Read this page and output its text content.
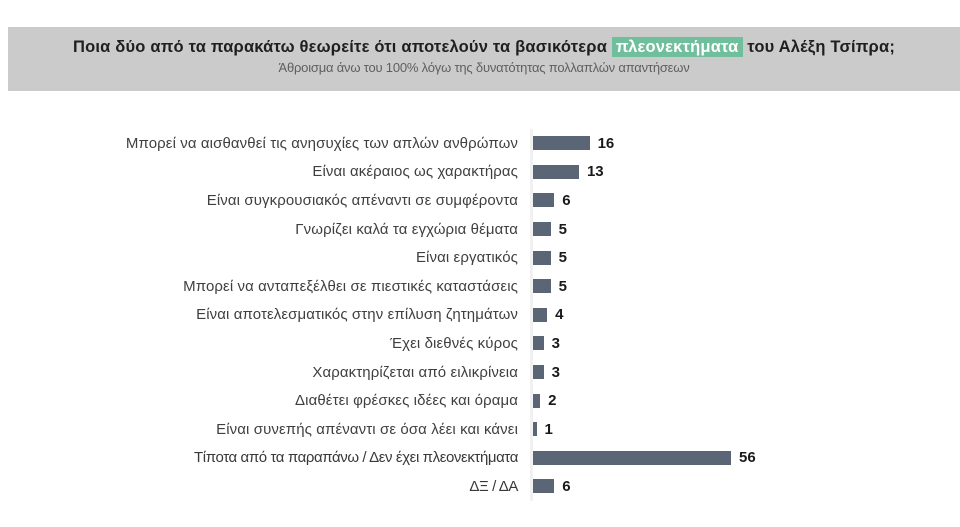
Ποια δύο από τα παρακάτω θεωρείτε ότι αποτελούν τα βασικότερα πλεονεκτήματα του Αλέξη Τσίπρα;
Άθροισμα άνω του 100% λόγω της δυνατότητας πολλαπλών απαντήσεων
Μπορεί να αισθανθεί τις ανησυχίες των απλών ανθρώπων	16
Είναι ακέραιος ως χαρακτήρας	13
Είναι συγκρουσιακός απέναντι σε συμφέροντα	6
Γνωρίζει καλά τα εγχώρια θέματα	5
Είναι εργατικός	5
Μπορεί να ανταπεξέλθει σε πιεστικές καταστάσεις	5
Είναι αποτελεσματικός στην επίλυση ζητημάτων	4
Έχει διεθνές κύρος	3
Χαρακτηρίζεται από ειλικρίνεια	3
Διαθέτει φρέσκες ιδέες και όραμα	2
Είναι συνεπής απέναντι σε όσα λέει και κάνει	1
Τίποτα από τα παραπάνω / Δεν έχει πλεονεκτήματα	56
ΔΞ / ΔΑ	6
